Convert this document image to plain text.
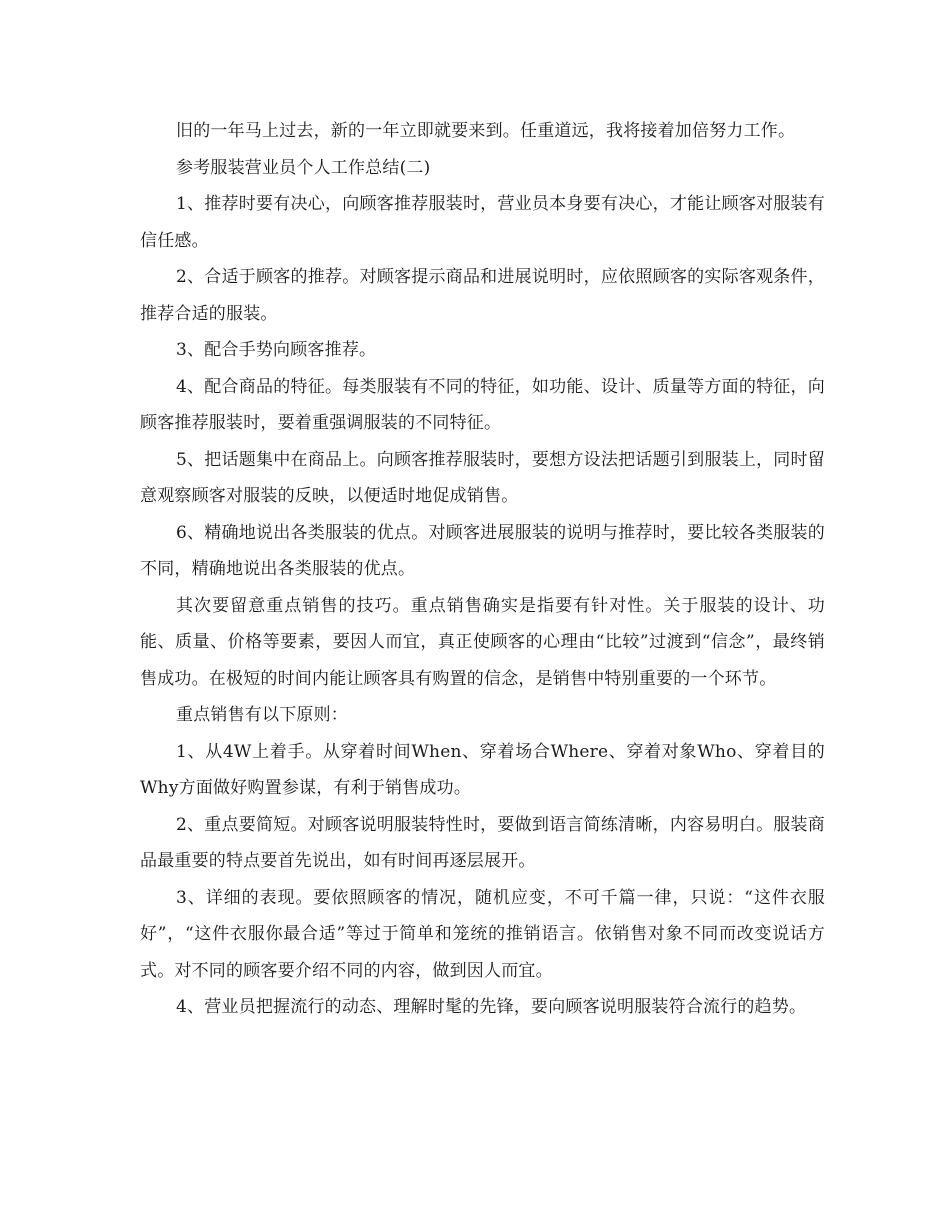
旧的一年马上过去，新的一年立即就要来到。任重道远，我将接着加倍努力工作。

参考服装营业员个人工作总结(二)

1、推荐时要有决心，向顾客推荐服装时，营业员本身要有决心，才能让顾客对服装有信任感。

2、合适于顾客的推荐。对顾客提示商品和进展说明时，应依照顾客的实际客观条件，推荐合适的服装。

3、配合手势向顾客推荐。

4、配合商品的特征。每类服装有不同的特征，如功能、设计、质量等方面的特征，向顾客推荐服装时，要着重强调服装的不同特征。

5、把话题集中在商品上。向顾客推荐服装时，要想方设法把话题引到服装上，同时留意观察顾客对服装的反映，以便适时地促成销售。

6、精确地说出各类服装的优点。对顾客进展服装的说明与推荐时，要比较各类服装的不同，精确地说出各类服装的优点。

其次要留意重点销售的技巧。重点销售确实是指要有针对性。关于服装的设计、功能、质量、价格等要素，要因人而宜，真正使顾客的心理由“比较”过渡到“信念”，最终销售成功。在极短的时间内能让顾客具有购置的信念，是销售中特别重要的一个环节。

重点销售有以下原则：

1、从4W上着手。从穿着时间When、穿着场合Where、穿着对象Who、穿着目的Why方面做好购置参谋，有利于销售成功。

2、重点要简短。对顾客说明服装特性时，要做到语言简练清晰，内容易明白。服装商品最重要的特点要首先说出，如有时间再逐层展开。

3、详细的表现。要依照顾客的情况，随机应变，不可千篇一律，只说：“这件衣服好”，“这件衣服你最合适”等过于简单和笼统的推销语言。依销售对象不同而改变说话方式。对不同的顾客要介绍不同的内容，做到因人而宜。

4、营业员把握流行的动态、理解时髦的先锋，要向顾客说明服装符合流行的趋势。
